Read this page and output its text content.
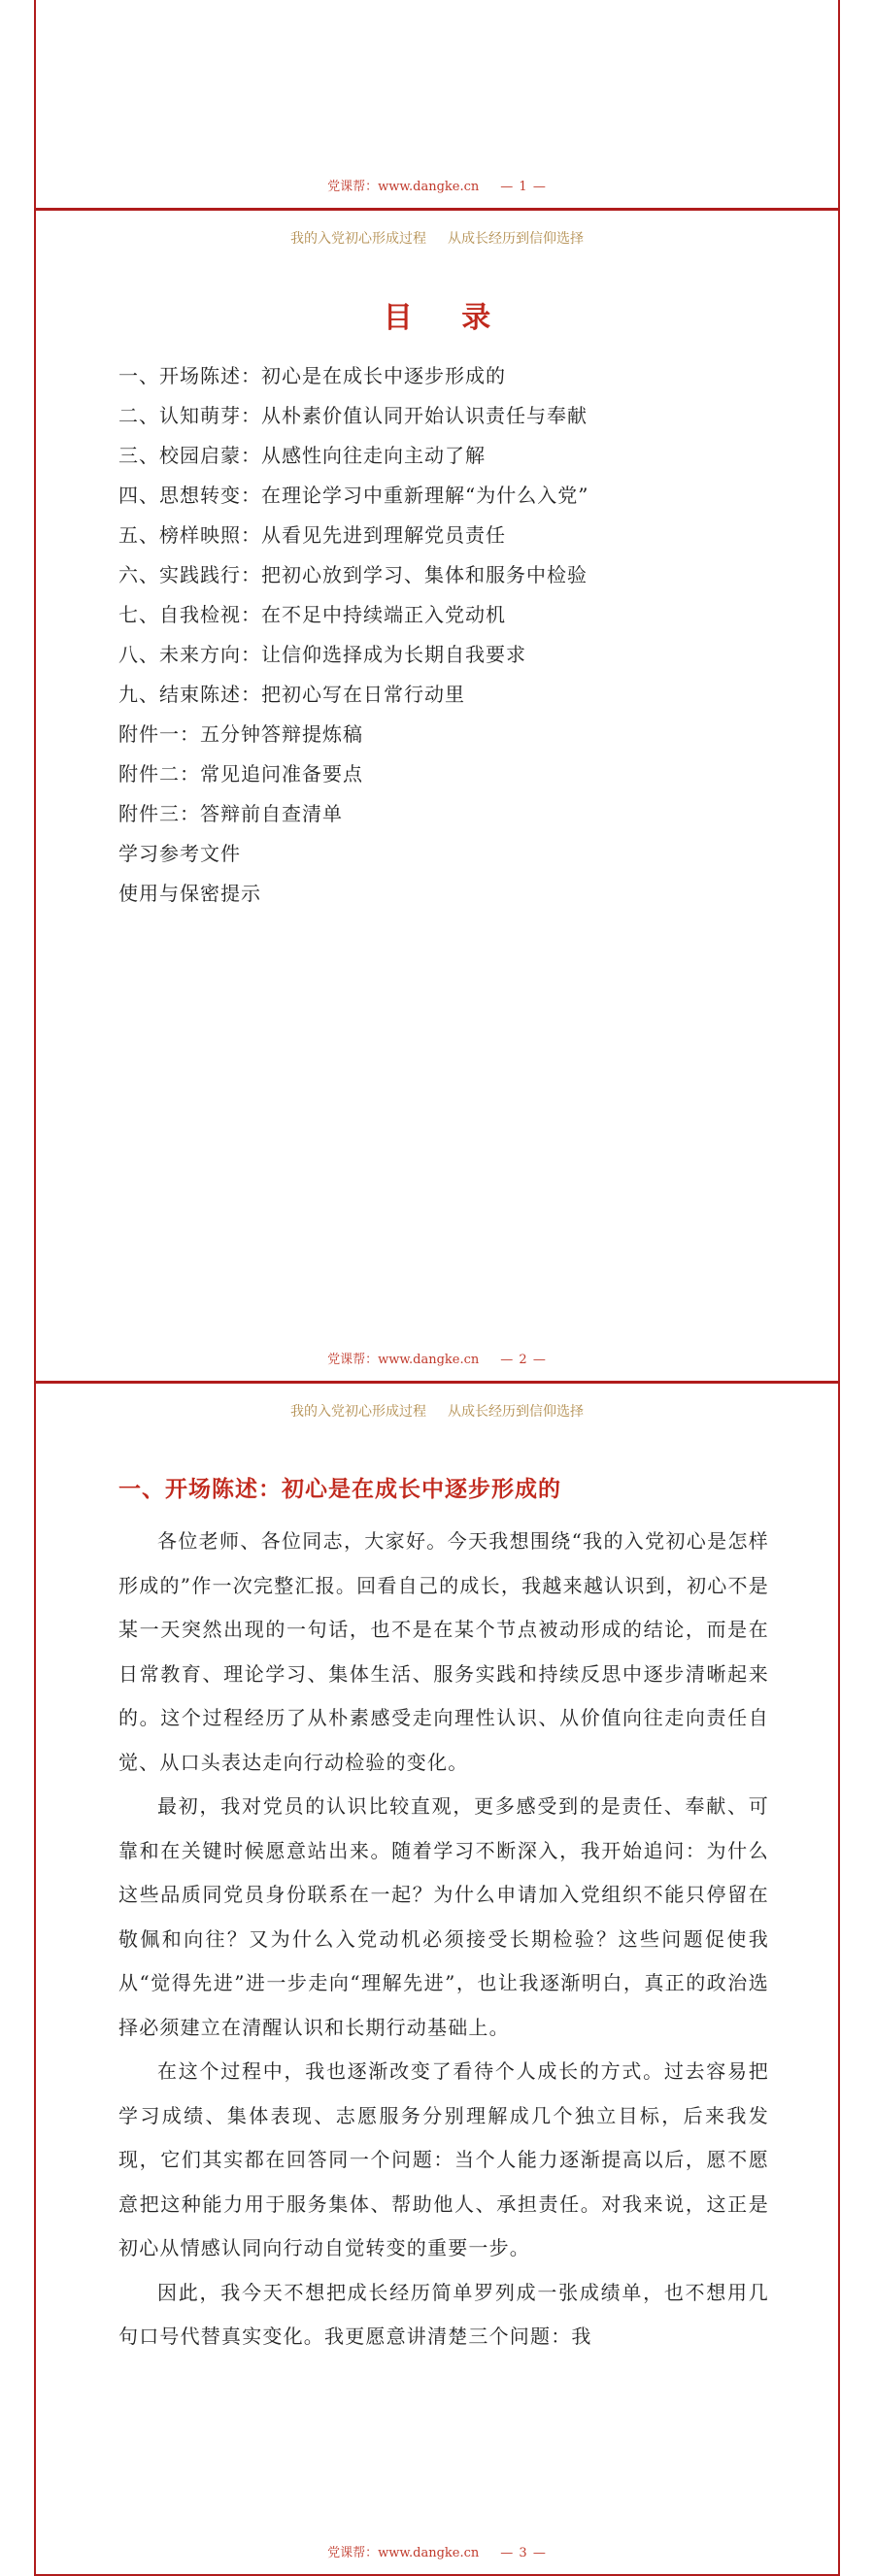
党课帮：www.dangke.cn — 1 —
我的入党初心形成过程 从成长经历到信仰选择
目 录
一、开场陈述：初心是在成长中逐步形成的
二、认知萌芽：从朴素价值认同开始认识责任与奉献
三、校园启蒙：从感性向往走向主动了解
四、思想转变：在理论学习中重新理解“为什么入党”
五、榜样映照：从看见先进到理解党员责任
六、实践践行：把初心放到学习、集体和服务中检验
七、自我检视：在不足中持续端正入党动机
八、未来方向：让信仰选择成为长期自我要求
九、结束陈述：把初心写在日常行动里
附件一：五分钟答辩提炼稿
附件二：常见追问准备要点
附件三：答辩前自查清单
学习参考文件
使用与保密提示
党课帮：www.dangke.cn — 2 —
我的入党初心形成过程 从成长经历到信仰选择
一、开场陈述：初心是在成长中逐步形成的

各位老师、各位同志，大家好。今天我想围绕“我的入党初心是怎样形成的”作一次完整汇报。回看自己的成长，我越来越认识到，初心不是某一天突然出现的一句话，也不是在某个节点被动形成的结论，而是在日常教育、理论学习、集体生活、服务实践和持续反思中逐步清晰起来的。这个过程经历了从朴素感受走向理性认识、从价值向往走向责任自觉、从口头表达走向行动检验的变化。

最初，我对党员的认识比较直观，更多感受到的是责任、奉献、可靠和在关键时候愿意站出来。随着学习不断深入，我开始追问：为什么这些品质同党员身份联系在一起？为什么申请加入党组织不能只停留在敬佩和向往？又为什么入党动机必须接受长期检验？这些问题促使我从“觉得先进”进一步走向“理解先进”，也让我逐渐明白，真正的政治选择必须建立在清醒认识和长期行动基础上。

在这个过程中，我也逐渐改变了看待个人成长的方式。过去容易把学习成绩、集体表现、志愿服务分别理解成几个独立目标，后来我发现，它们其实都在回答同一个问题：当个人能力逐渐提高以后，愿不愿意把这种能力用于服务集体、帮助他人、承担责任。对我来说，这正是初心从情感认同向行动自觉转变的重要一步。

因此，我今天不想把成长经历简单罗列成一张成绩单，也不想用几句口号代替真实变化。我更愿意讲清楚三个问题：我

党课帮：www.dangke.cn — 3 —
